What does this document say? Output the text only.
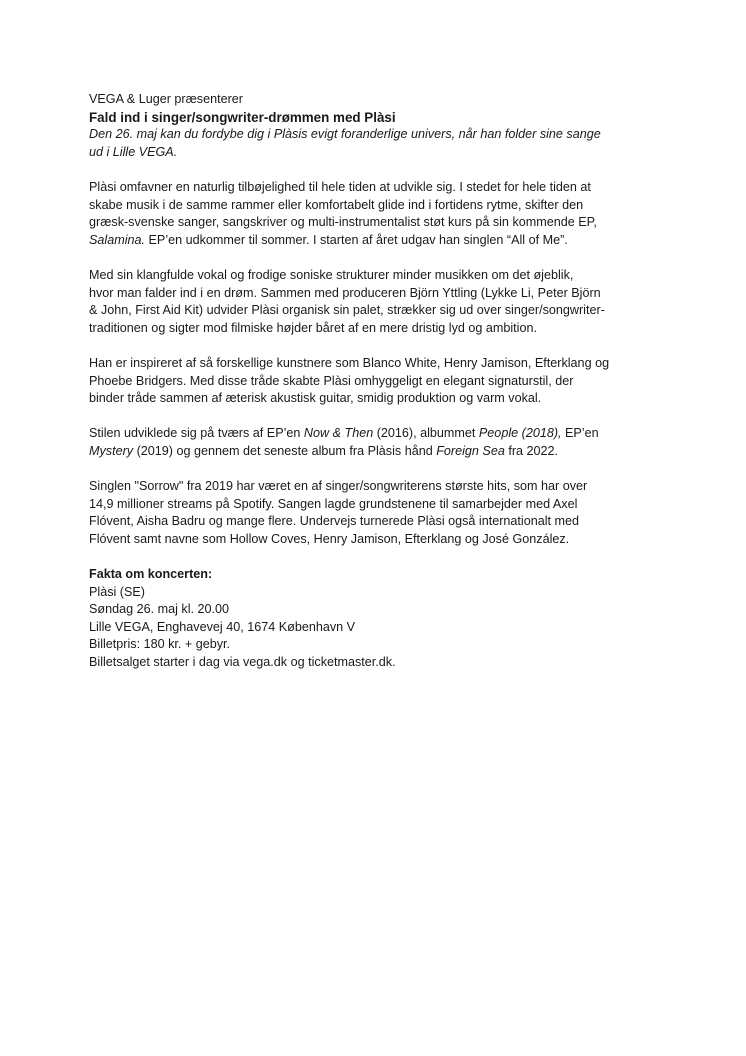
VEGA & Luger præsenterer

Fald ind i singer/songwriter-drømmen med Plàsi

Den 26. maj kan du fordybe dig i Plàsis evigt foranderlige univers, når han folder sine sange
ud i Lille VEGA.

Plàsi omfavner en naturlig tilbøjelighed til hele tiden at udvikle sig. I stedet for hele tiden at
skabe musik i de samme rammer eller komfortabelt glide ind i fortidens rytme, skifter den
græsk-svenske sanger, sangskriver og multi-instrumentalist støt kurs på sin kommende EP,
Salamina. EP’en udkommer til sommer. I starten af året udgav han singlen “All of Me”.

Med sin klangfulde vokal og frodige soniske strukturer minder musikken om det øjeblik,
hvor man falder ind i en drøm. Sammen med produceren Björn Yttling (Lykke Li, Peter Björn
& John, First Aid Kit) udvider Plàsi organisk sin palet, strækker sig ud over singer/songwriter-
traditionen og sigter mod filmiske højder båret af en mere dristig lyd og ambition.

Han er inspireret af så forskellige kunstnere som Blanco White, Henry Jamison, Efterklang og
Phoebe Bridgers. Med disse tråde skabte Plàsi omhyggeligt en elegant signaturstil, der
binder tråde sammen af æterisk akustisk guitar, smidig produktion og varm vokal.

Stilen udviklede sig på tværs af EP’en Now & Then (2016), albummet People (2018), EP’en
Mystery (2019) og gennem det seneste album fra Plàsis hånd Foreign Sea fra 2022.

Singlen "Sorrow" fra 2019 har været en af singer/songwriterens største hits, som har over
14,9 millioner streams på Spotify. Sangen lagde grundstenene til samarbejder med Axel
Flóvent, Aisha Badru og mange flere. Undervejs turnerede Plàsi også internationalt med
Flóvent samt navne som Hollow Coves, Henry Jamison, Efterklang og José González.

Fakta om koncerten:

Plàsi (SE)

Søndag 26. maj kl. 20.00

Lille VEGA, Enghavevej 40, 1674 København V

Billetpris: 180 kr. + gebyr.

Billetsalget starter i dag via vega.dk og ticketmaster.dk.
